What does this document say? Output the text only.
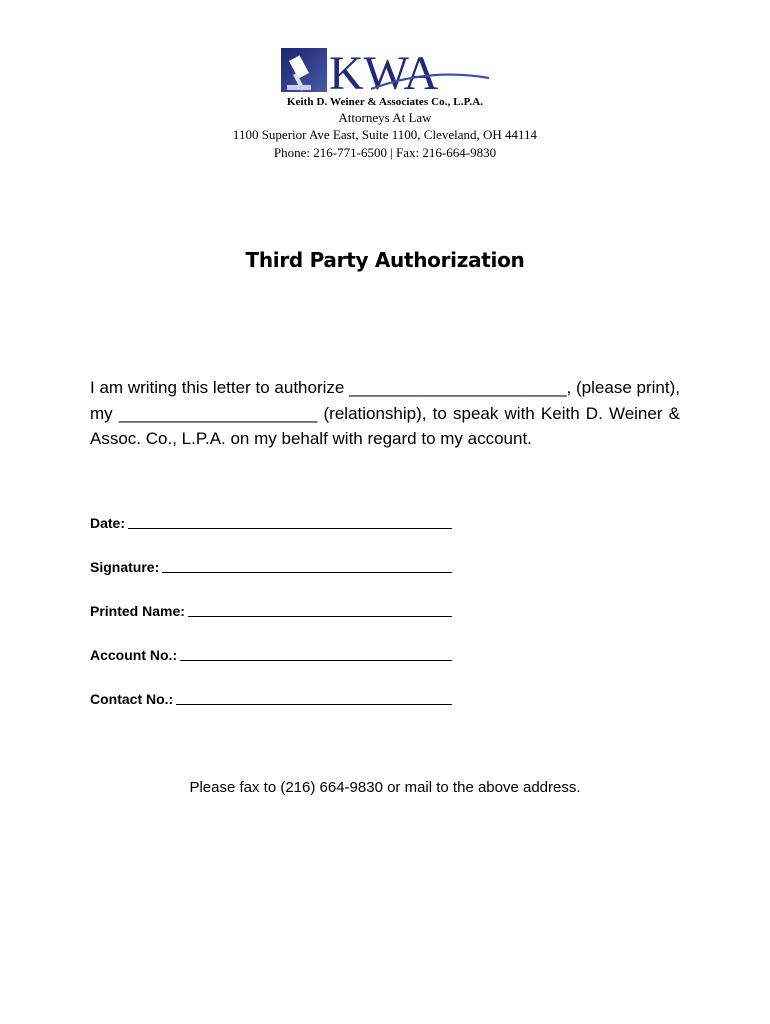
KWA
Keith D. Weiner & Associates Co., L.P.A.
Attorneys At Law
1100 Superior Ave East, Suite 1100, Cleveland, OH 44114
Phone: 216-771-6500 | Fax: 216-664-9830
Third Party Authorization
I am writing this letter to authorize _______________________, (please print), my _____________________ (relationship), to speak with Keith D. Weiner & Assoc. Co., L.P.A. on my behalf with regard to my account.
Date:
Signature:
Printed Name:
Account No.:
Contact No.:
Please fax to (216) 664-9830 or mail to the above address.
